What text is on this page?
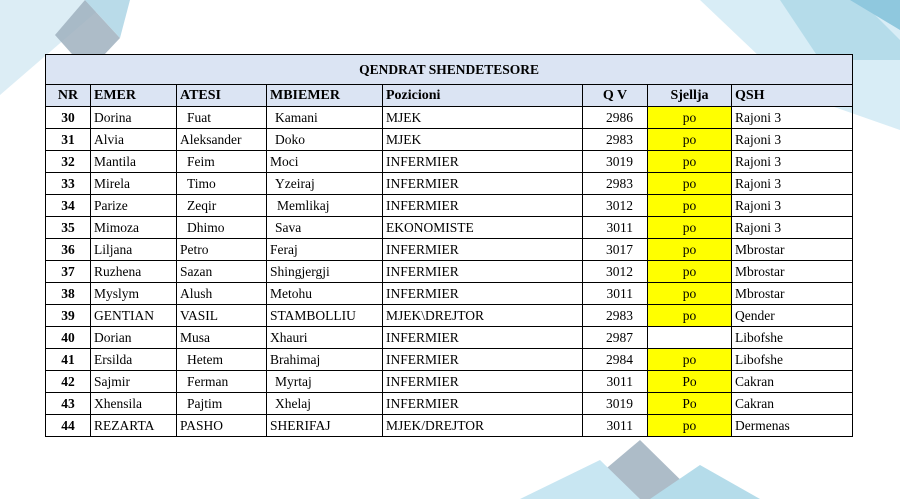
QENDRAT SHENDETESORE							
NR	EMER	ATESI	MBIEMER	Pozicioni	Q V	Sjellja	QSH
30	Dorina	Fuat	Kamani	MJEK	2986	po	Rajoni 3
31	Alvia	Aleksander	Doko	MJEK	2983	po	Rajoni 3
32	Mantila	Feim	Moci	INFERMIER	3019	po	Rajoni 3
33	Mirela	Timo	Yzeiraj	INFERMIER	2983	po	Rajoni 3
34	Parize	Zeqir	Memlikaj	INFERMIER	3012	po	Rajoni 3
35	Mimoza	Dhimo	Sava	EKONOMISTE	3011	po	Rajoni 3
36	Liljana	Petro	Feraj	INFERMIER	3017	po	Mbrostar
37	Ruzhena	Sazan	Shingjergji	INFERMIER	3012	po	Mbrostar
38	Myslym	Alush	Metohu	INFERMIER	3011	po	Mbrostar
39	GENTIAN	VASIL	STAMBOLLIU	MJEK\DREJTOR	2983	po	Qender
40	Dorian	Musa	Xhauri	INFERMIER	2987		Libofshe
41	Ersilda	Hetem	Brahimaj	INFERMIER	2984	po	Libofshe
42	Sajmir	Ferman	Myrtaj	INFERMIER	3011	Po	Cakran
43	Xhensila	Pajtim	Xhelaj	INFERMIER	3019	Po	Cakran
44	REZARTA	PASHO	SHERIFAJ	MJEK/DREJTOR	3011	po	Dermenas
